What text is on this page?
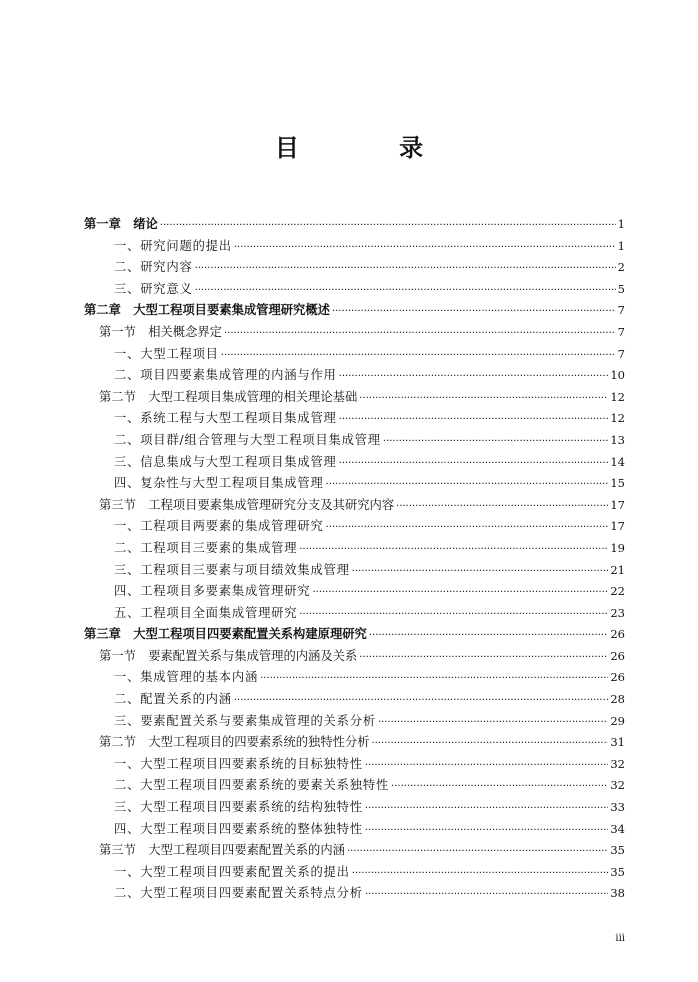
目 录
第一章　绪论 ·····	1
一、研究问题的提出 ·····	1
二、研究内容 ·····	2
三、研究意义 ·····	5
第二章　大型工程项目要素集成管理研究概述 ·····	7
第一节　相关概念界定 ·····	7
一、大型工程项目 ·····	7
二、项目四要素集成管理的内涵与作用 ·····	10
第二节　大型工程项目集成管理的相关理论基础 ·····	12
一、系统工程与大型工程项目集成管理 ·····	12
二、项目群/组合管理与大型工程项目集成管理 ·····	13
三、信息集成与大型工程项目集成管理 ·····	14
四、复杂性与大型工程项目集成管理 ·····	15
第三节　工程项目要素集成管理研究分支及其研究内容 ·····	17
一、工程项目两要素的集成管理研究 ·····	17
二、工程项目三要素的集成管理 ·····	19
三、工程项目三要素与项目绩效集成管理 ·····	21
四、工程项目多要素集成管理研究 ·····	22
五、工程项目全面集成管理研究 ·····	23
第三章　大型工程项目四要素配置关系构建原理研究 ·····	26
第一节　要素配置关系与集成管理的内涵及关系 ·····	26
一、集成管理的基本内涵 ·····	26
二、配置关系的内涵 ·····	28
三、要素配置关系与要素集成管理的关系分析 ·····	29
第二节　大型工程项目的四要素系统的独特性分析 ·····	31
一、大型工程项目四要素系统的目标独特性 ·····	32
二、大型工程项目四要素系统的要素关系独特性 ·····	32
三、大型工程项目四要素系统的结构独特性 ·····	33
四、大型工程项目四要素系统的整体独特性 ·····	34
第三节　大型工程项目四要素配置关系的内涵 ·····	35
一、大型工程项目四要素配置关系的提出 ·····	35
二、大型工程项目四要素配置关系特点分析 ·····	38
iii
